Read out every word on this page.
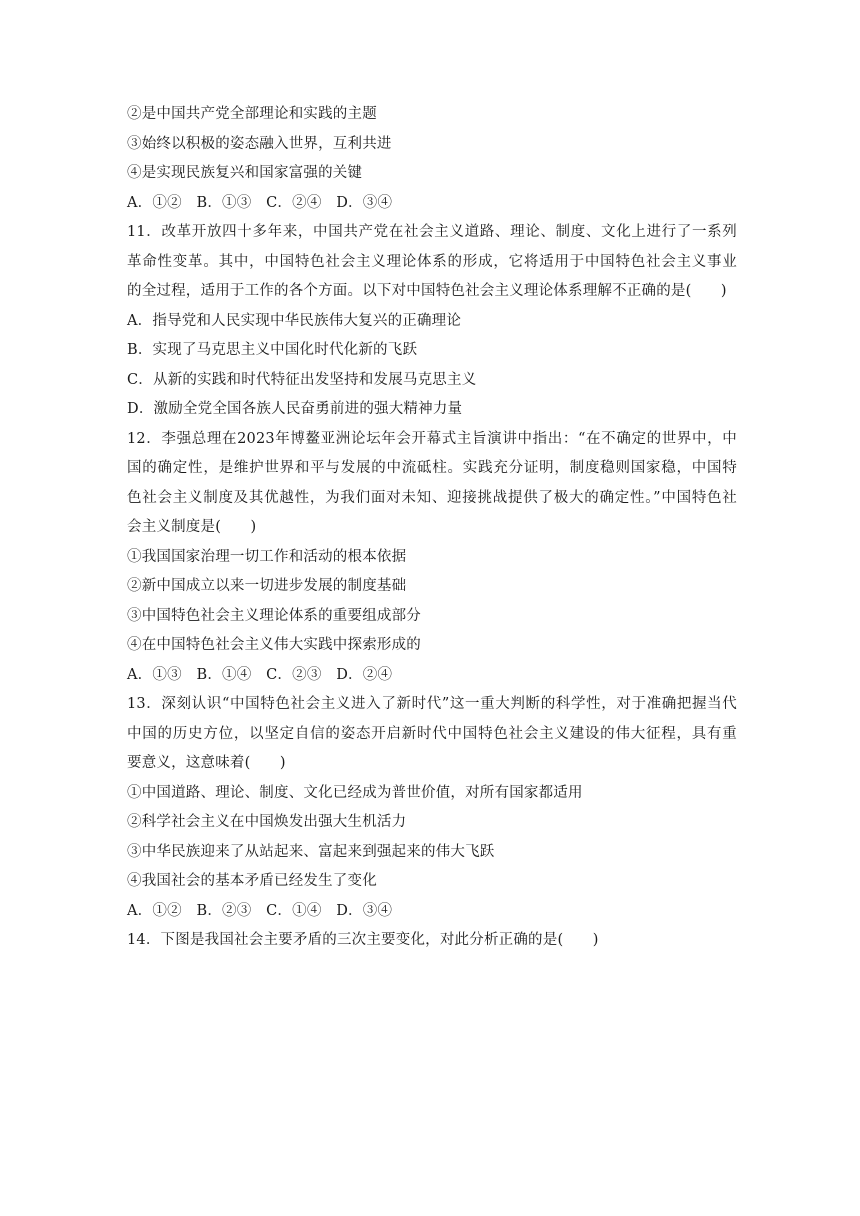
②是中国共产党全部理论和实践的主题
③始终以积极的姿态融入世界，互利共进
④是实现民族复兴和国家富强的关键
A．①②　B．①③　C．②④　D．③④
11．改革开放四十多年来，中国共产党在社会主义道路、理论、制度、文化上进行了一系列
革命性变革。其中，中国特色社会主义理论体系的形成，它将适用于中国特色社会主义事业
的全过程，适用于工作的各个方面。以下对中国特色社会主义理论体系理解不正确的是(　　)
A．指导党和人民实现中华民族伟大复兴的正确理论
B．实现了马克思主义中国化时代化新的飞跃
C．从新的实践和时代特征出发坚持和发展马克思主义
D．激励全党全国各族人民奋勇前进的强大精神力量
12．李强总理在2023年博鳌亚洲论坛年会开幕式主旨演讲中指出：“在不确定的世界中，中
国的确定性，是维护世界和平与发展的中流砥柱。实践充分证明，制度稳则国家稳，中国特
色社会主义制度及其优越性，为我们面对未知、迎接挑战提供了极大的确定性。”中国特色社
会主义制度是(　　)
①我国国家治理一切工作和活动的根本依据
②新中国成立以来一切进步发展的制度基础
③中国特色社会主义理论体系的重要组成部分
④在中国特色社会主义伟大实践中探索形成的
A．①③　B．①④　C．②③　D．②④
13．深刻认识“中国特色社会主义进入了新时代”这一重大判断的科学性，对于准确把握当代
中国的历史方位，以坚定自信的姿态开启新时代中国特色社会主义建设的伟大征程，具有重
要意义，这意味着(　　)
①中国道路、理论、制度、文化已经成为普世价值，对所有国家都适用
②科学社会主义在中国焕发出强大生机活力
③中华民族迎来了从站起来、富起来到强起来的伟大飞跃
④我国社会的基本矛盾已经发生了变化
A．①②　B．②③　C．①④　D．③④
14．下图是我国社会主要矛盾的三次主要变化，对此分析正确的是(　　)
